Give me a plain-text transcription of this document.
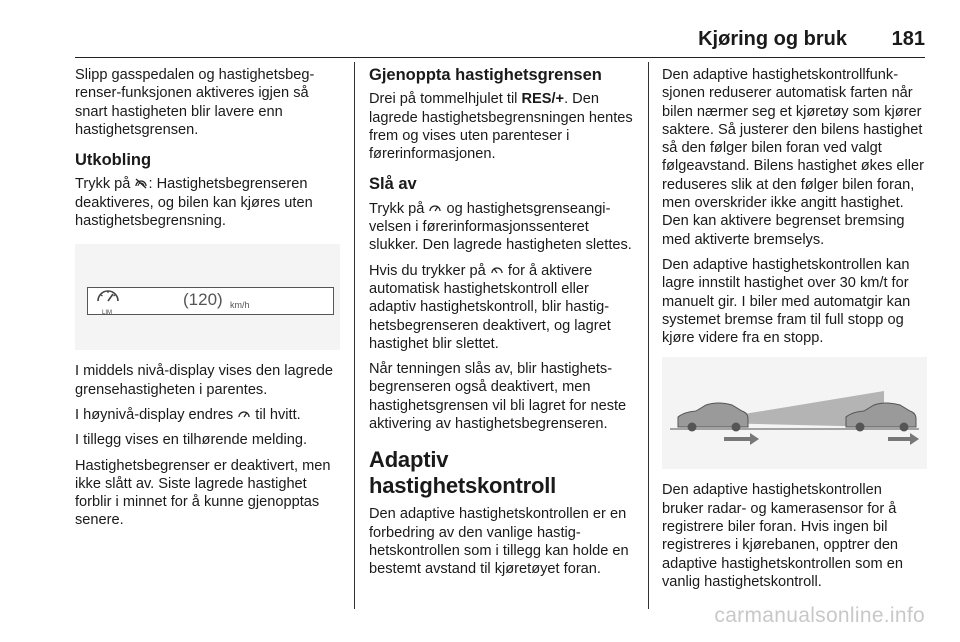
Kjøring og bruk 181

Slipp gasspedalen og hastighetsbegrenser-funksjonen aktiveres igjen så snart hastigheten blir lavere enn hastighetsgrensen.

Utkobling

Trykk på : Hastighetsbegrenseren deaktiveres, og bilen kan kjøres uten hastighetsbegrensning.

LIM
(120) km/h

I middels nivå-display vises den lagrede grensehastigheten i parentes.

I høynivå-display endres  til hvitt.

I tillegg vises en tilhørende melding.

Hastighetsbegrenser er deaktivert, men ikke slått av. Siste lagrede hastighet forblir i minnet for å kunne gjenopptas senere.

Gjenoppta hastighetsgrensen

Drei på tommelhjulet til RES/+. Den lagrede hastighetsbegrensningen hentes frem og vises uten parenteser i førerinformasjonen.

Slå av

Trykk på  og hastighetsgrenseangivelsen i førerinformasjonssenteret slukker. Den lagrede hastigheten slettes.

Hvis du trykker på  for å aktivere automatisk hastighetskontroll eller adaptiv hastighetskontroll, blir hastighetsbegrenseren deaktivert, og lagret hastighet blir slettet.

Når tenningen slås av, blir hastighetsbegrenseren også deaktivert, men hastighetsgrensen vil bli lagret for neste aktivering av hastighetsbegrenseren.

Adaptiv hastighetskontroll

Den adaptive hastighetskontrollen er en forbedring av den vanlige hastighetskontrollen som i tillegg kan holde en bestemt avstand til kjøretøyet foran.

Den adaptive hastighetskontrollfunksjonen reduserer automatisk farten når bilen nærmer seg et kjøretøy som kjører saktere. Så justerer den bilens hastighet så den følger bilen foran ved valgt følgeavstand. Bilens hastighet økes eller reduseres slik at den følger bilen foran, men overskrider ikke angitt hastighet. Den kan aktivere begrenset bremsing med aktiverte bremselys.

Den adaptive hastighetskontrollen kan lagre innstilt hastighet over 30 km/t for manuelt gir. I biler med automatgir kan systemet bremse fram til full stopp og kjøre videre fra en stopp.

Den adaptive hastighetskontrollen bruker radar- og kamerasensor for å registrere biler foran. Hvis ingen bil registreres i kjørebanen, opptrer den adaptive hastighetskontrollen som en vanlig hastighetskontroll.

carmanualsonline.info
